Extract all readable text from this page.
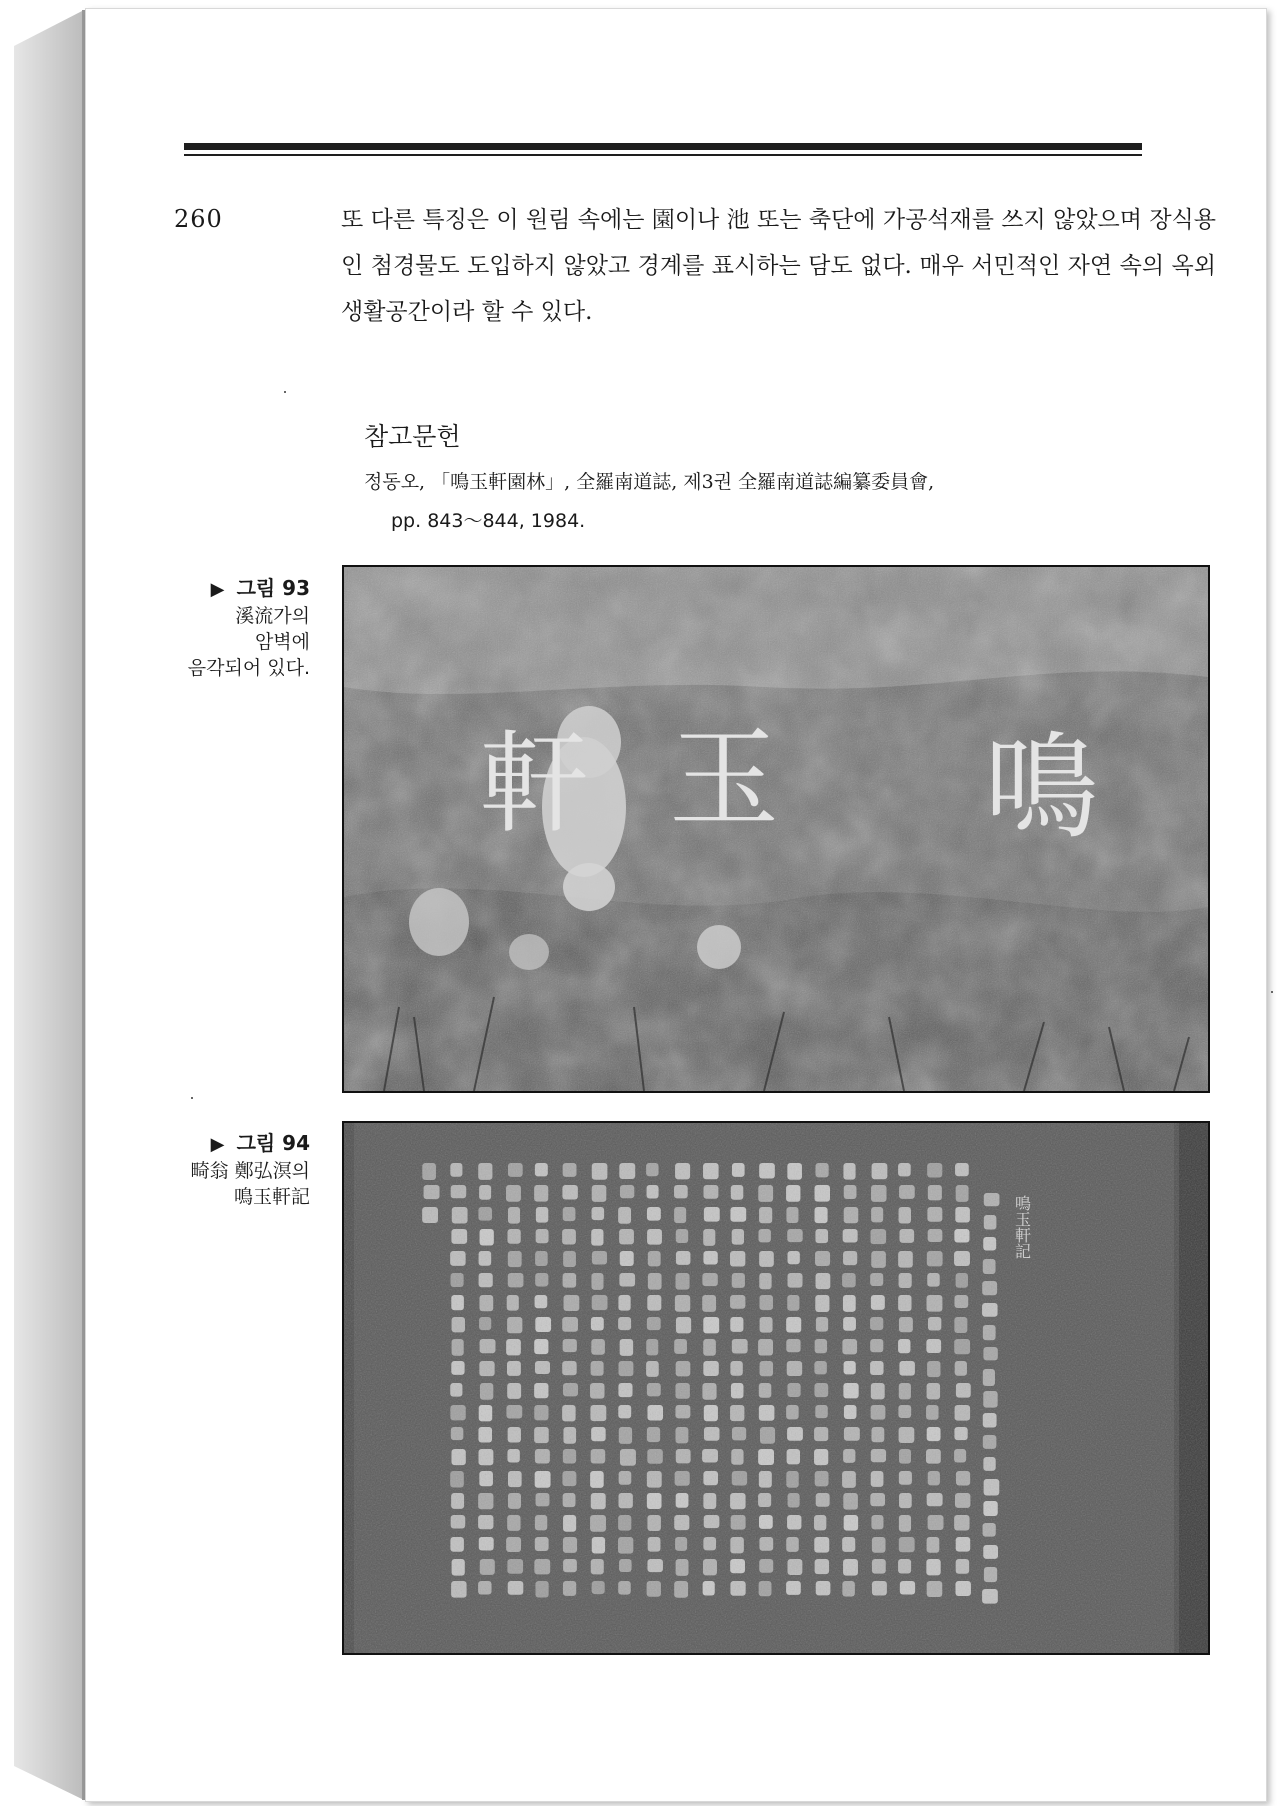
260	또 다른 특징은 이 원림 속에는 園이나 池 또는 축단에 가공석재를 쓰지 않았으며 장식용인 첨경물도 도입하지 않았고 경계를 표시하는 담도 없다. 매우 서민적인 자연 속의 옥외생활공간이라 할 수 있다.
참고문헌
정동오, 「鳴玉軒園林」, 全羅南道誌, 제3권 全羅南道誌編纂委員會,
pp. 843～844, 1984.
▶ 그림 93
溪流가의
암벽에
음각되어 있다.
軒 玉 鳴
▶ 그림 94
畸翁 鄭弘溟의
鳴玉軒記
